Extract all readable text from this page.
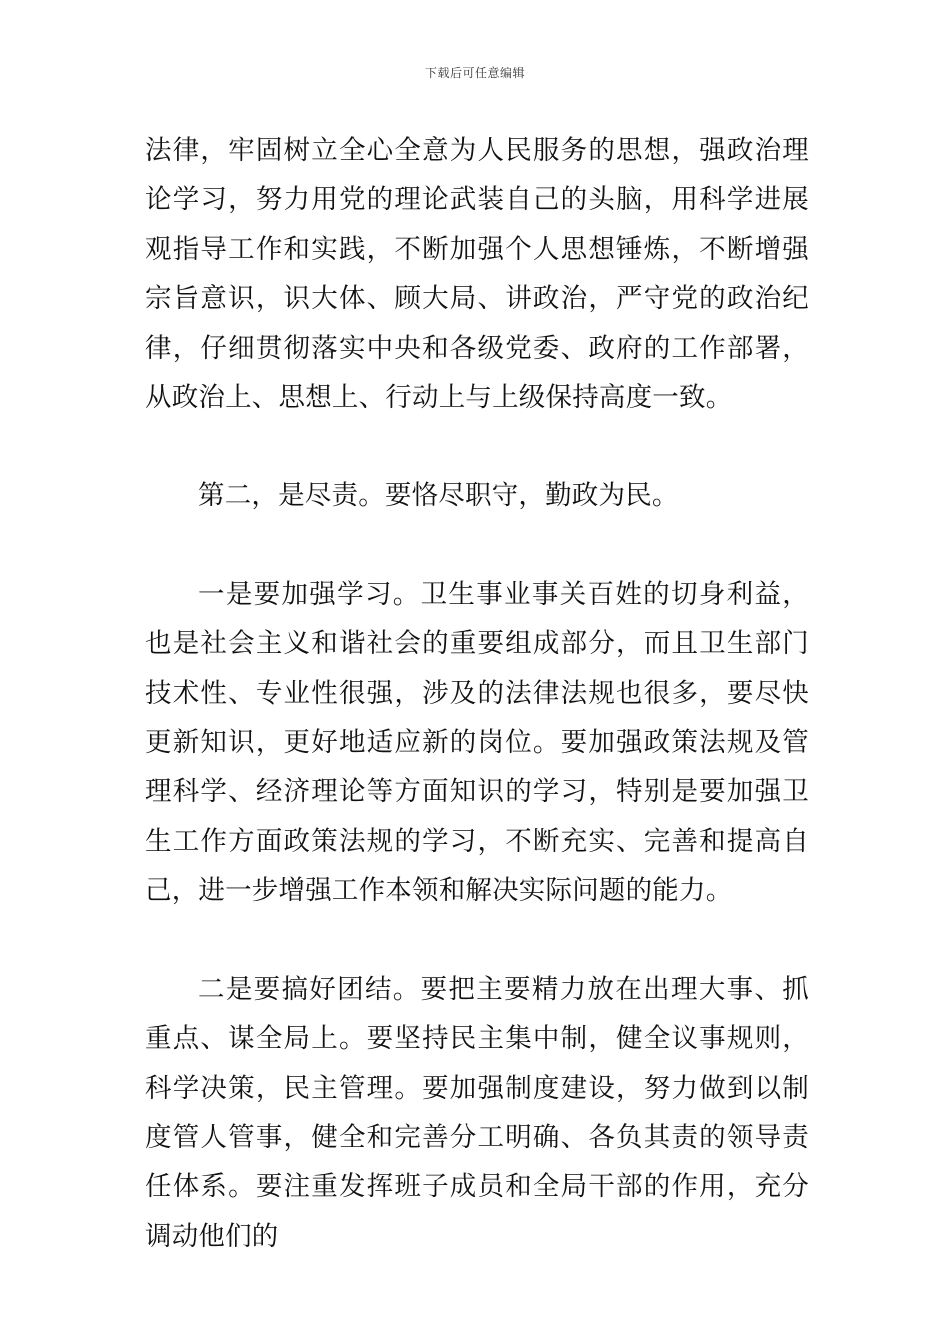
下载后可任意编辑

法律，牢固树立全心全意为人民服务的思想，强政治理论学习，努力用党的理论武装自己的头脑，用科学进展观指导工作和实践，不断加强个人思想锤炼，不断增强宗旨意识，识大体、顾大局、讲政治，严守党的政治纪律，仔细贯彻落实中央和各级党委、政府的工作部署，从政治上、思想上、行动上与上级保持高度一致。

第二，是尽责。要恪尽职守，勤政为民。

一是要加强学习。卫生事业事关百姓的切身利益，也是社会主义和谐社会的重要组成部分，而且卫生部门技术性、专业性很强，涉及的法律法规也很多，要尽快更新知识，更好地适应新的岗位。要加强政策法规及管理科学、经济理论等方面知识的学习，特别是要加强卫生工作方面政策法规的学习，不断充实、完善和提高自己，进一步增强工作本领和解决实际问题的能力。

二是要搞好团结。要把主要精力放在出理大事、抓重点、谋全局上。要坚持民主集中制，健全议事规则，科学决策，民主管理。要加强制度建设，努力做到以制度管人管事，健全和完善分工明确、各负其责的领导责任体系。要注重发挥班子成员和全局干部的作用，充分调动他们的
